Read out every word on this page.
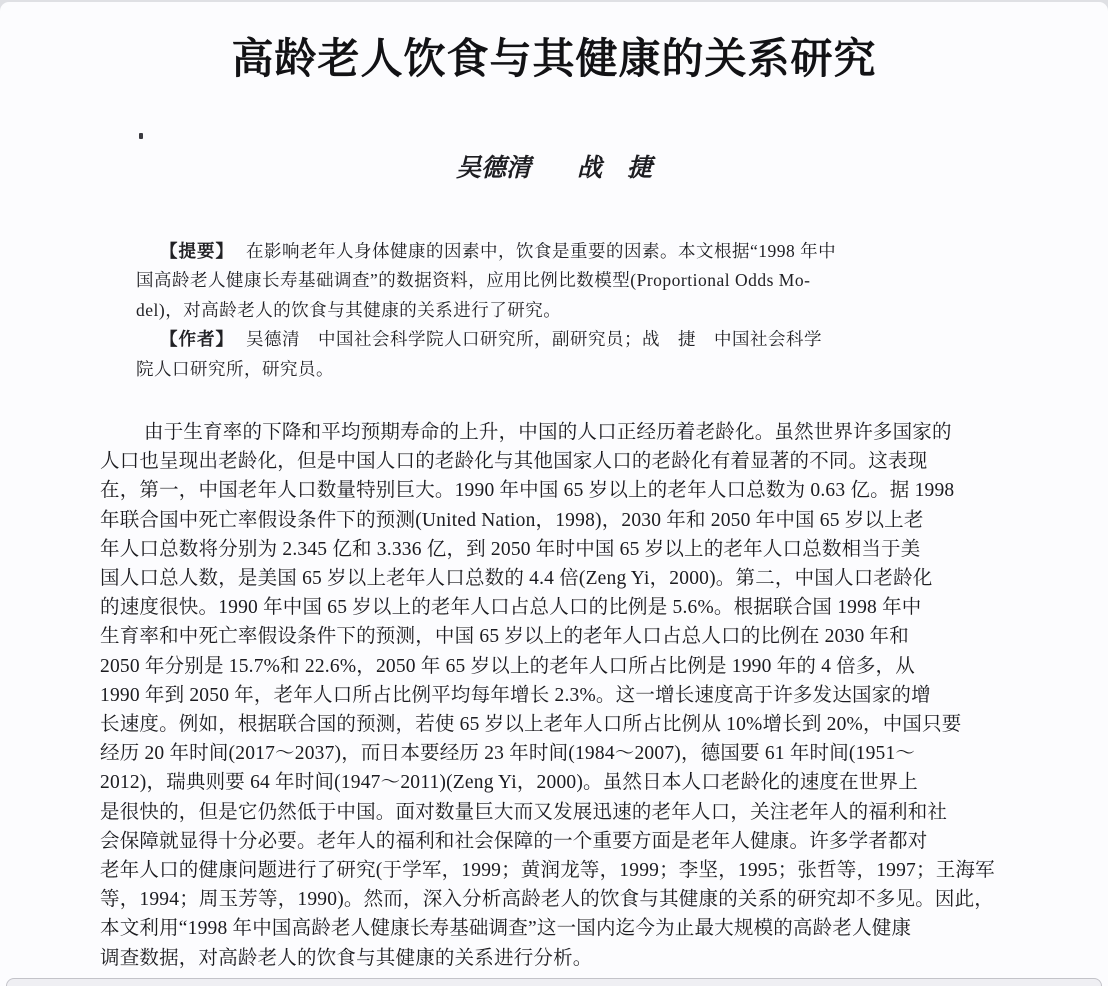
高龄老人饮食与其健康的关系研究
吴德清 战　捷
【提要】 在影响老年人身体健康的因素中，饮食是重要的因素。本文根据“1998 年中
国高龄老人健康长寿基础调查”的数据资料，应用比例比数模型(Proportional Odds Mo-
del)，对高龄老人的饮食与其健康的关系进行了研究。
【作者】 吴德清　中国社会科学院人口研究所，副研究员；战　捷　中国社会科学
院人口研究所，研究员。
由于生育率的下降和平均预期寿命的上升，中国的人口正经历着老龄化。虽然世界许多国家的
人口也呈现出老龄化，但是中国人口的老龄化与其他国家人口的老龄化有着显著的不同。这表现
在，第一，中国老年人口数量特别巨大。1990 年中国 65 岁以上的老年人口总数为 0.63 亿。据 1998
年联合国中死亡率假设条件下的预测(United Nation，1998)，2030 年和 2050 年中国 65 岁以上老
年人口总数将分别为 2.345 亿和 3.336 亿，到 2050 年时中国 65 岁以上的老年人口总数相当于美
国人口总人数，是美国 65 岁以上老年人口总数的 4.4 倍(Zeng Yi，2000)。第二，中国人口老龄化
的速度很快。1990 年中国 65 岁以上的老年人口占总人口的比例是 5.6%。根据联合国 1998 年中
生育率和中死亡率假设条件下的预测，中国 65 岁以上的老年人口占总人口的比例在 2030 年和
2050 年分别是 15.7%和 22.6%，2050 年 65 岁以上的老年人口所占比例是 1990 年的 4 倍多，从
1990 年到 2050 年，老年人口所占比例平均每年增长 2.3%。这一增长速度高于许多发达国家的增
长速度。例如，根据联合国的预测，若使 65 岁以上老年人口所占比例从 10%增长到 20%，中国只要
经历 20 年时间(2017～2037)，而日本要经历 23 年时间(1984～2007)，德国要 61 年时间(1951～
2012)，瑞典则要 64 年时间(1947～2011)(Zeng Yi，2000)。虽然日本人口老龄化的速度在世界上
是很快的，但是它仍然低于中国。面对数量巨大而又发展迅速的老年人口，关注老年人的福利和社
会保障就显得十分必要。老年人的福利和社会保障的一个重要方面是老年人健康。许多学者都对
老年人口的健康问题进行了研究(于学军，1999；黄润龙等，1999；李坚，1995；张哲等，1997；王海军
等，1994；周玉芳等，1990)。然而，深入分析高龄老人的饮食与其健康的关系的研究却不多见。因此，
本文利用“1998 年中国高龄老人健康长寿基础调查”这一国内迄今为止最大规模的高龄老人健康
调查数据，对高龄老人的饮食与其健康的关系进行分析。
